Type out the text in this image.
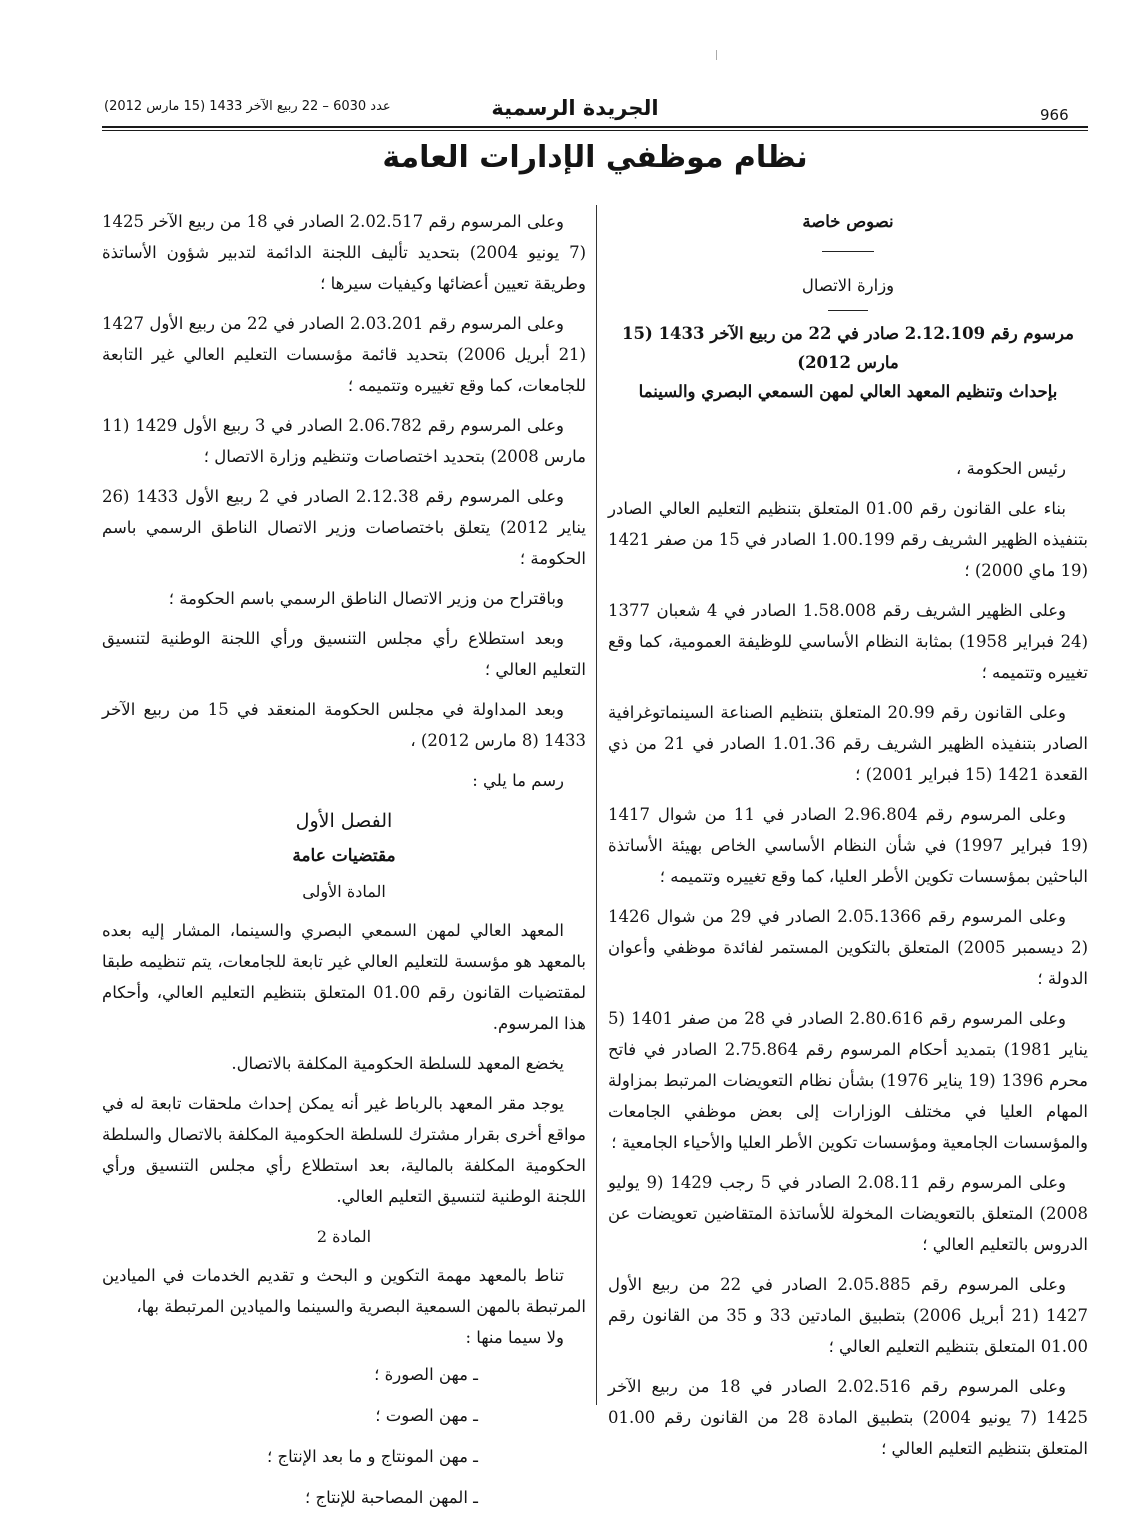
966
الجريدة الرسمية
عدد 6030 – 22 ربيع الآخر 1433 (15 مارس 2012)
نظام موظفي الإدارات العامة

نصوص خاصة

وزارة الاتصال

مرسوم رقم 2.12.109 صادر في 22 من ربيع الآخر 1433 (15 مارس 2012)

بإحداث وتنظيم المعهد العالي لمهن السمعي البصري والسينما

رئيس الحكومة ،

بناء على القانون رقم 01.00 المتعلق بتنظيم التعليم العالي الصادر بتنفيذه الظهير الشريف رقم 1.00.199 الصادر في 15 من صفر 1421 (19 ماي 2000) ؛

وعلى الظهير الشريف رقم 1.58.008 الصادر في 4 شعبان 1377 (24 فبراير 1958) بمثابة النظام الأساسي للوظيفة العمومية، كما وقع تغييره وتتميمه ؛

وعلى القانون رقم 20.99 المتعلق بتنظيم الصناعة السينماتوغرافية الصادر بتنفيذه الظهير الشريف رقم 1.01.36 الصادر في 21 من ذي القعدة 1421 (15 فبراير 2001) ؛

وعلى المرسوم رقم 2.96.804 الصادر في 11 من شوال 1417 (19 فبراير 1997) في شأن النظام الأساسي الخاص بهيئة الأساتذة الباحثين بمؤسسات تكوين الأطر العليا، كما وقع تغييره وتتميمه ؛

وعلى المرسوم رقم 2.05.1366 الصادر في 29 من شوال 1426 (2 ديسمبر 2005) المتعلق بالتكوين المستمر لفائدة موظفي وأعوان الدولة ؛

وعلى المرسوم رقم 2.80.616 الصادر في 28 من صفر 1401 (5 يناير 1981) بتمديد أحكام المرسوم رقم 2.75.864 الصادر في فاتح محرم 1396 (19 يناير 1976) بشأن نظام التعويضات المرتبط بمزاولة المهام العليا في مختلف الوزارات إلى بعض موظفي الجامعات والمؤسسات الجامعية ومؤسسات تكوين الأطر العليا والأحياء الجامعية ؛

وعلى المرسوم رقم 2.08.11 الصادر في 5 رجب 1429 (9 يوليو 2008) المتعلق بالتعويضات المخولة للأساتذة المتقاضين تعويضات عن الدروس بالتعليم العالي ؛

وعلى المرسوم رقم 2.05.885 الصادر في 22 من ربيع الأول 1427 (21 أبريل 2006) بتطبيق المادتين 33 و 35 من القانون رقم 01.00 المتعلق بتنظيم التعليم العالي ؛

وعلى المرسوم رقم 2.02.516 الصادر في 18 من ربيع الآخر 1425 (7 يونيو 2004) بتطبيق المادة 28 من القانون رقم 01.00 المتعلق بتنظيم التعليم العالي ؛

وعلى المرسوم رقم 2.02.517 الصادر في 18 من ربيع الآخر 1425 (7 يونيو 2004) بتحديد تأليف اللجنة الدائمة لتدبير شؤون الأساتذة وطريقة تعيين أعضائها وكيفيات سيرها ؛

وعلى المرسوم رقم 2.03.201 الصادر في 22 من ربيع الأول 1427 (21 أبريل 2006) بتحديد قائمة مؤسسات التعليم العالي غير التابعة للجامعات، كما وقع تغييره وتتميمه ؛

وعلى المرسوم رقم 2.06.782 الصادر في 3 ربيع الأول 1429 (11 مارس 2008) بتحديد اختصاصات وتنظيم وزارة الاتصال ؛

وعلى المرسوم رقم 2.12.38 الصادر في 2 ربيع الأول 1433 (26 يناير 2012) يتعلق باختصاصات وزير الاتصال الناطق الرسمي باسم الحكومة ؛

وباقتراح من وزير الاتصال الناطق الرسمي باسم الحكومة ؛

وبعد استطلاع رأي مجلس التنسيق ورأي اللجنة الوطنية لتنسيق التعليم العالي ؛

وبعد المداولة في مجلس الحكومة المنعقد في 15 من ربيع الآخر 1433 (8 مارس 2012) ،

رسم ما يلي :

الفصل الأول
مقتضيات عامة
المادة الأولى

المعهد العالي لمهن السمعي البصري والسينما، المشار إليه بعده بالمعهد هو مؤسسة للتعليم العالي غير تابعة للجامعات، يتم تنظيمه طبقا لمقتضيات القانون رقم 01.00 المتعلق بتنظيم التعليم العالي، وأحكام هذا المرسوم.

يخضع المعهد للسلطة الحكومية المكلفة بالاتصال.

يوجد مقر المعهد بالرباط غير أنه يمكن إحداث ملحقات تابعة له في مواقع أخرى بقرار مشترك للسلطة الحكومية المكلفة بالاتصال والسلطة الحكومية المكلفة بالمالية، بعد استطلاع رأي مجلس التنسيق ورأي اللجنة الوطنية لتنسيق التعليم العالي.

المادة 2

تناط بالمعهد مهمة التكوين و البحث و تقديم الخدمات في الميادين المرتبطة بالمهن السمعية البصرية والسينما والميادين المرتبطة بها،

ولا سيما منها :

ـ مهن الصورة ؛

ـ مهن الصوت ؛

ـ مهن المونتاج و ما بعد الإنتاج ؛

ـ المهن المصاحبة للإنتاج ؛
